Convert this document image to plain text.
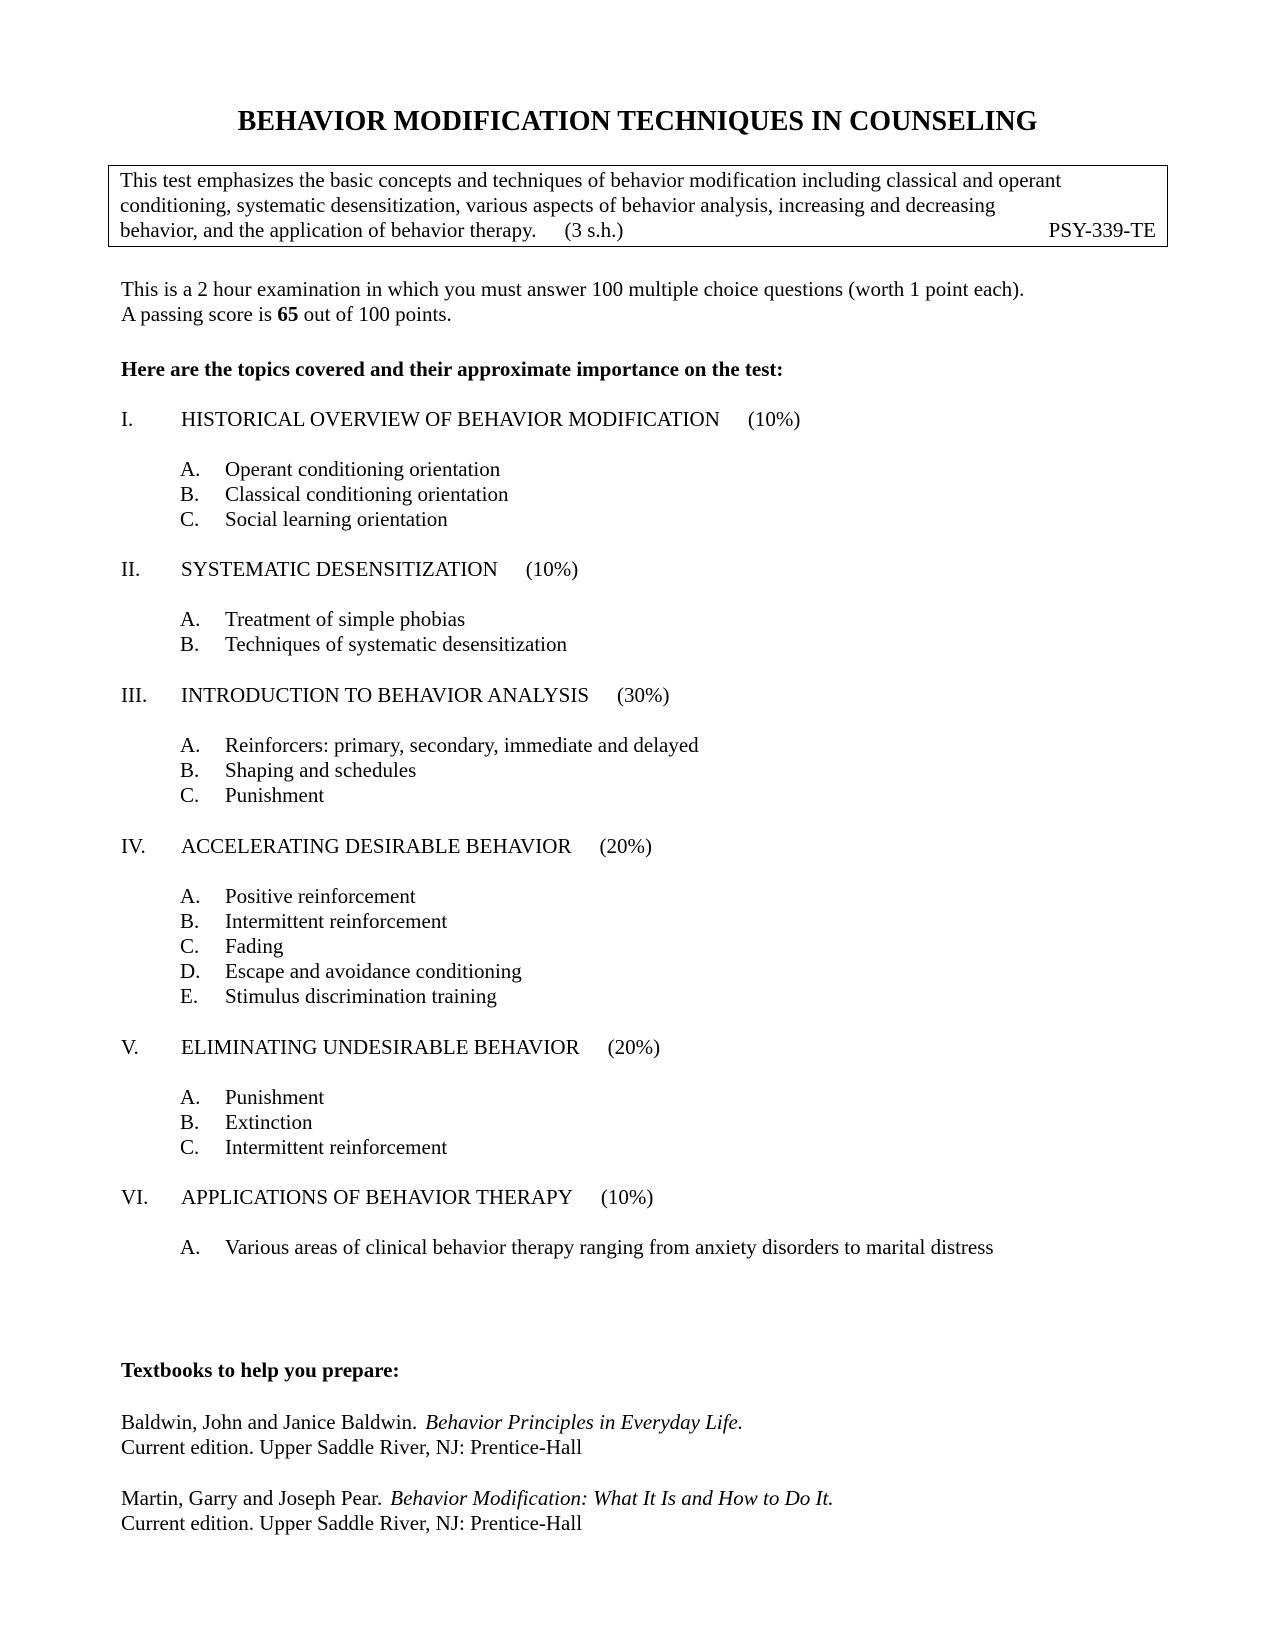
BEHAVIOR MODIFICATION TECHNIQUES IN COUNSELING

This test emphasizes the basic concepts and techniques of behavior modification including classical and operant

conditioning, systematic desensitization, various aspects of behavior analysis, increasing and decreasing

behavior, and the application of behavior therapy. (3 s.h.)	PSY-339-TE

This is a 2 hour examination in which you must answer 100 multiple choice questions (worth 1 point each).

A passing score is 65 out of 100 points.

Here are the topics covered and their approximate importance on the test:
I.	HISTORICAL OVERVIEW OF BEHAVIOR MODIFICATION (10%)
A.	Operant conditioning orientation
B.	Classical conditioning orientation
C.	Social learning orientation
II.	SYSTEMATIC DESENSITIZATION (10%)
A.	Treatment of simple phobias
B.	Techniques of systematic desensitization
III.	INTRODUCTION TO BEHAVIOR ANALYSIS (30%)
A.	Reinforcers: primary, secondary, immediate and delayed
B.	Shaping and schedules
C.	Punishment
IV.	ACCELERATING DESIRABLE BEHAVIOR (20%)
A.	Positive reinforcement
B.	Intermittent reinforcement
C.	Fading
D.	Escape and avoidance conditioning
E.	Stimulus discrimination training
V.	ELIMINATING UNDESIRABLE BEHAVIOR (20%)
A.	Punishment
B.	Extinction
C.	Intermittent reinforcement
VI.	APPLICATIONS OF BEHAVIOR THERAPY (10%)
A.	Various areas of clinical behavior therapy ranging from anxiety disorders to marital distress
Textbooks to help you prepare:

Baldwin, John and Janice Baldwin. Behavior Principles in Everyday Life.

Current edition. Upper Saddle River, NJ: Prentice-Hall

Martin, Garry and Joseph Pear. Behavior Modification: What It Is and How to Do It.

Current edition. Upper Saddle River, NJ: Prentice-Hall
